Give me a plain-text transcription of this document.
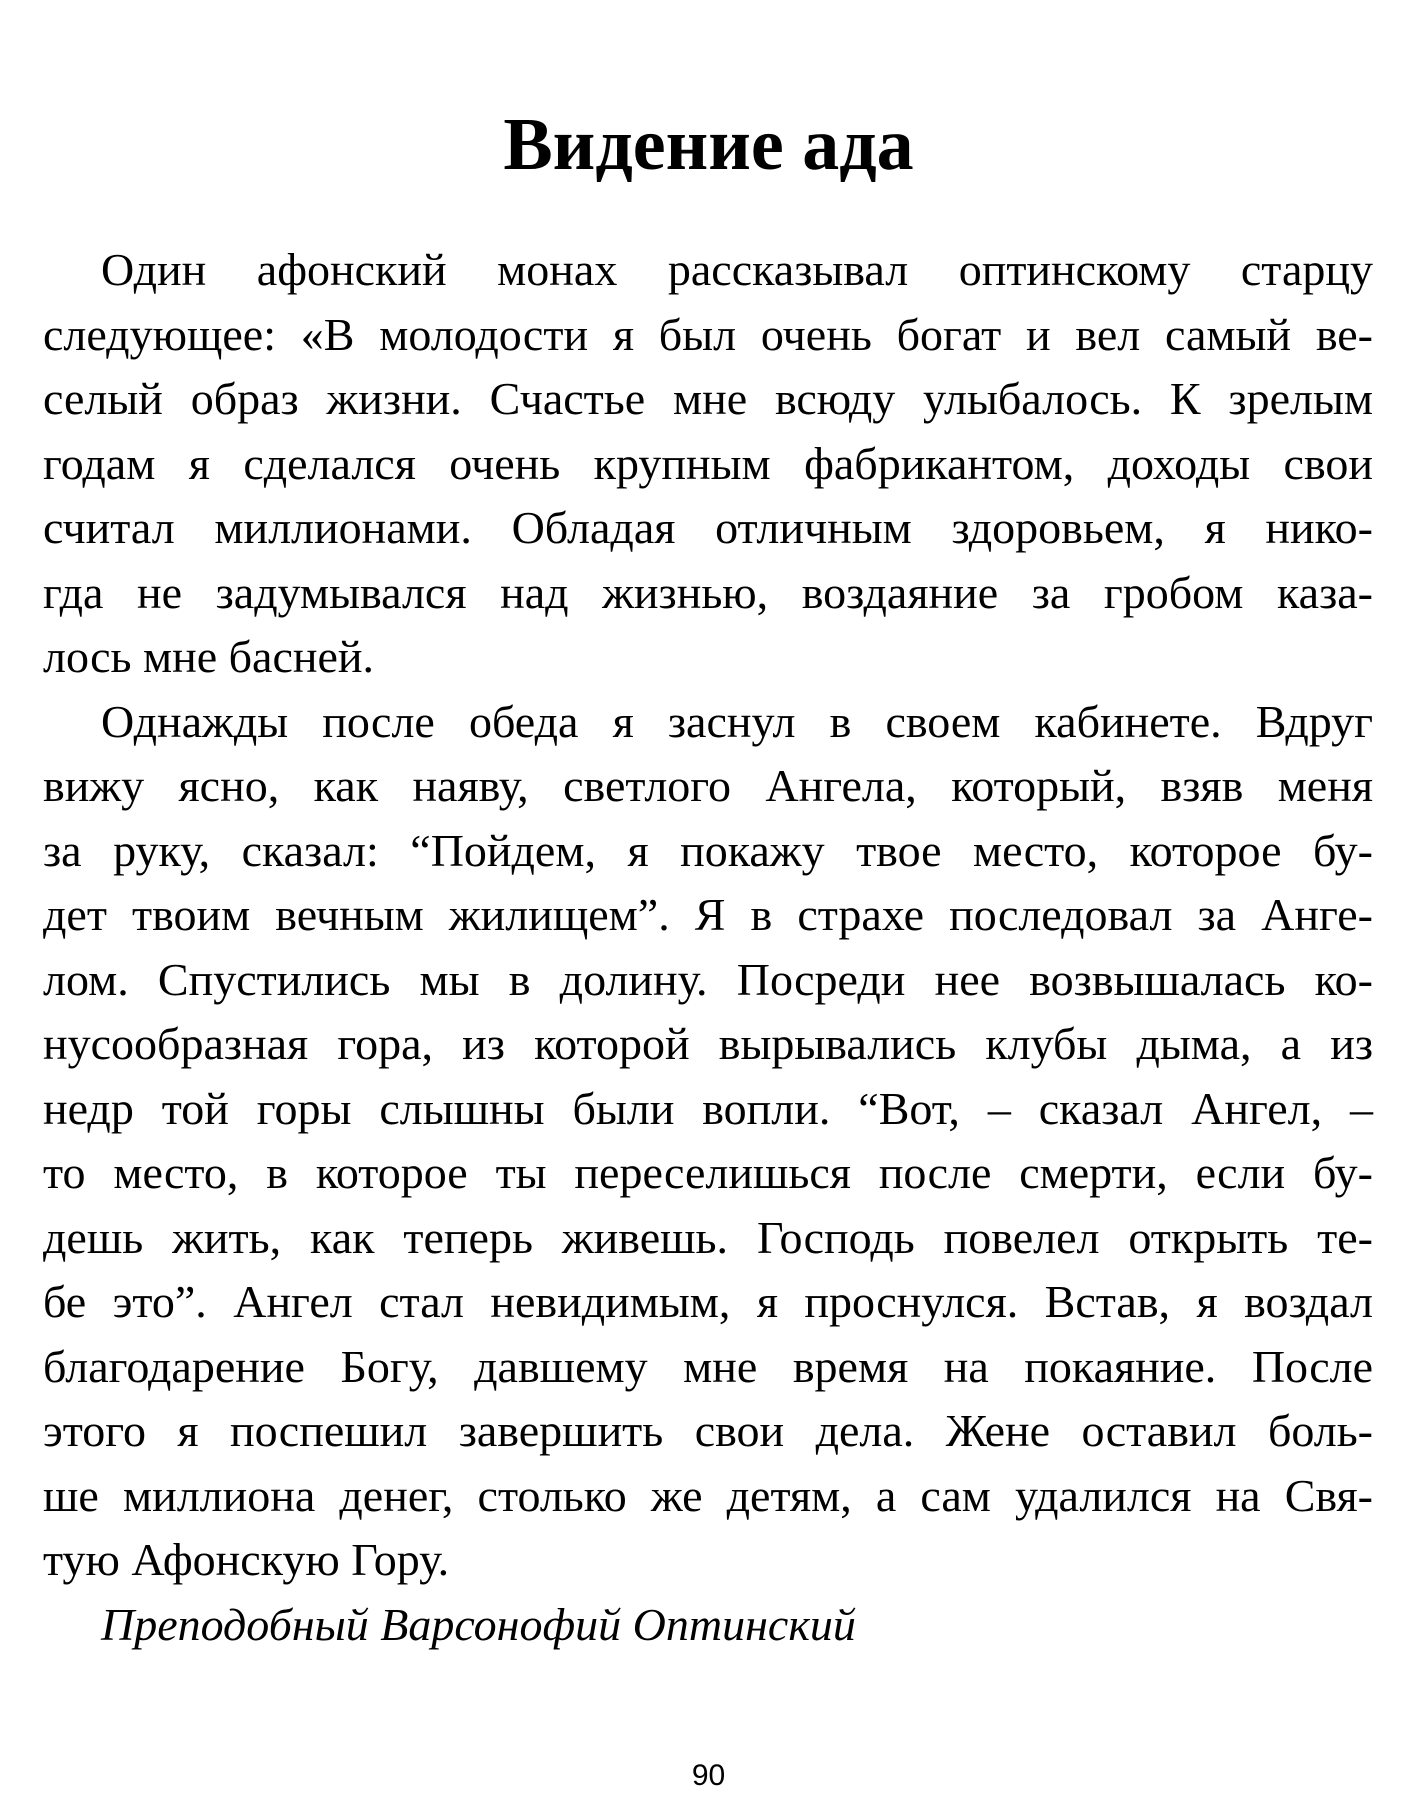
Видение ада
Один афонский монах рассказывал оптинскому старцу
следующее: «В молодости я был очень богат и вел самый ве-
селый образ жизни. Счастье мне всюду улыбалось. К зрелым
годам я сделался очень крупным фабрикантом, доходы свои
считал миллионами. Обладая отличным здоровьем, я нико-
гда не задумывался над жизнью, воздаяние за гробом каза-
лось мне басней.
Однажды после обеда я заснул в своем кабинете. Вдруг
вижу ясно, как наяву, светлого Ангела, который, взяв меня
за руку, сказал: “Пойдем, я покажу твое место, которое бу-
дет твоим вечным жилищем”. Я в страхе последовал за Анге-
лом. Спустились мы в долину. Посреди нее возвышалась ко-
нусообразная гора, из которой вырывались клубы дыма, а из
недр той горы слышны были вопли. “Вот, – сказал Ангел, –
то место, в которое ты переселишься после смерти, если бу-
дешь жить, как теперь живешь. Господь повелел открыть те-
бе это”. Ангел стал невидимым, я проснулся. Встав, я воздал
благодарение Богу, давшему мне время на покаяние. После
этого я поспешил завершить свои дела. Жене оставил боль-
ше миллиона денег, столько же детям, а сам удалился на Свя-
тую Афонскую Гору.
Преподобный Варсонофий Оптинский
90
